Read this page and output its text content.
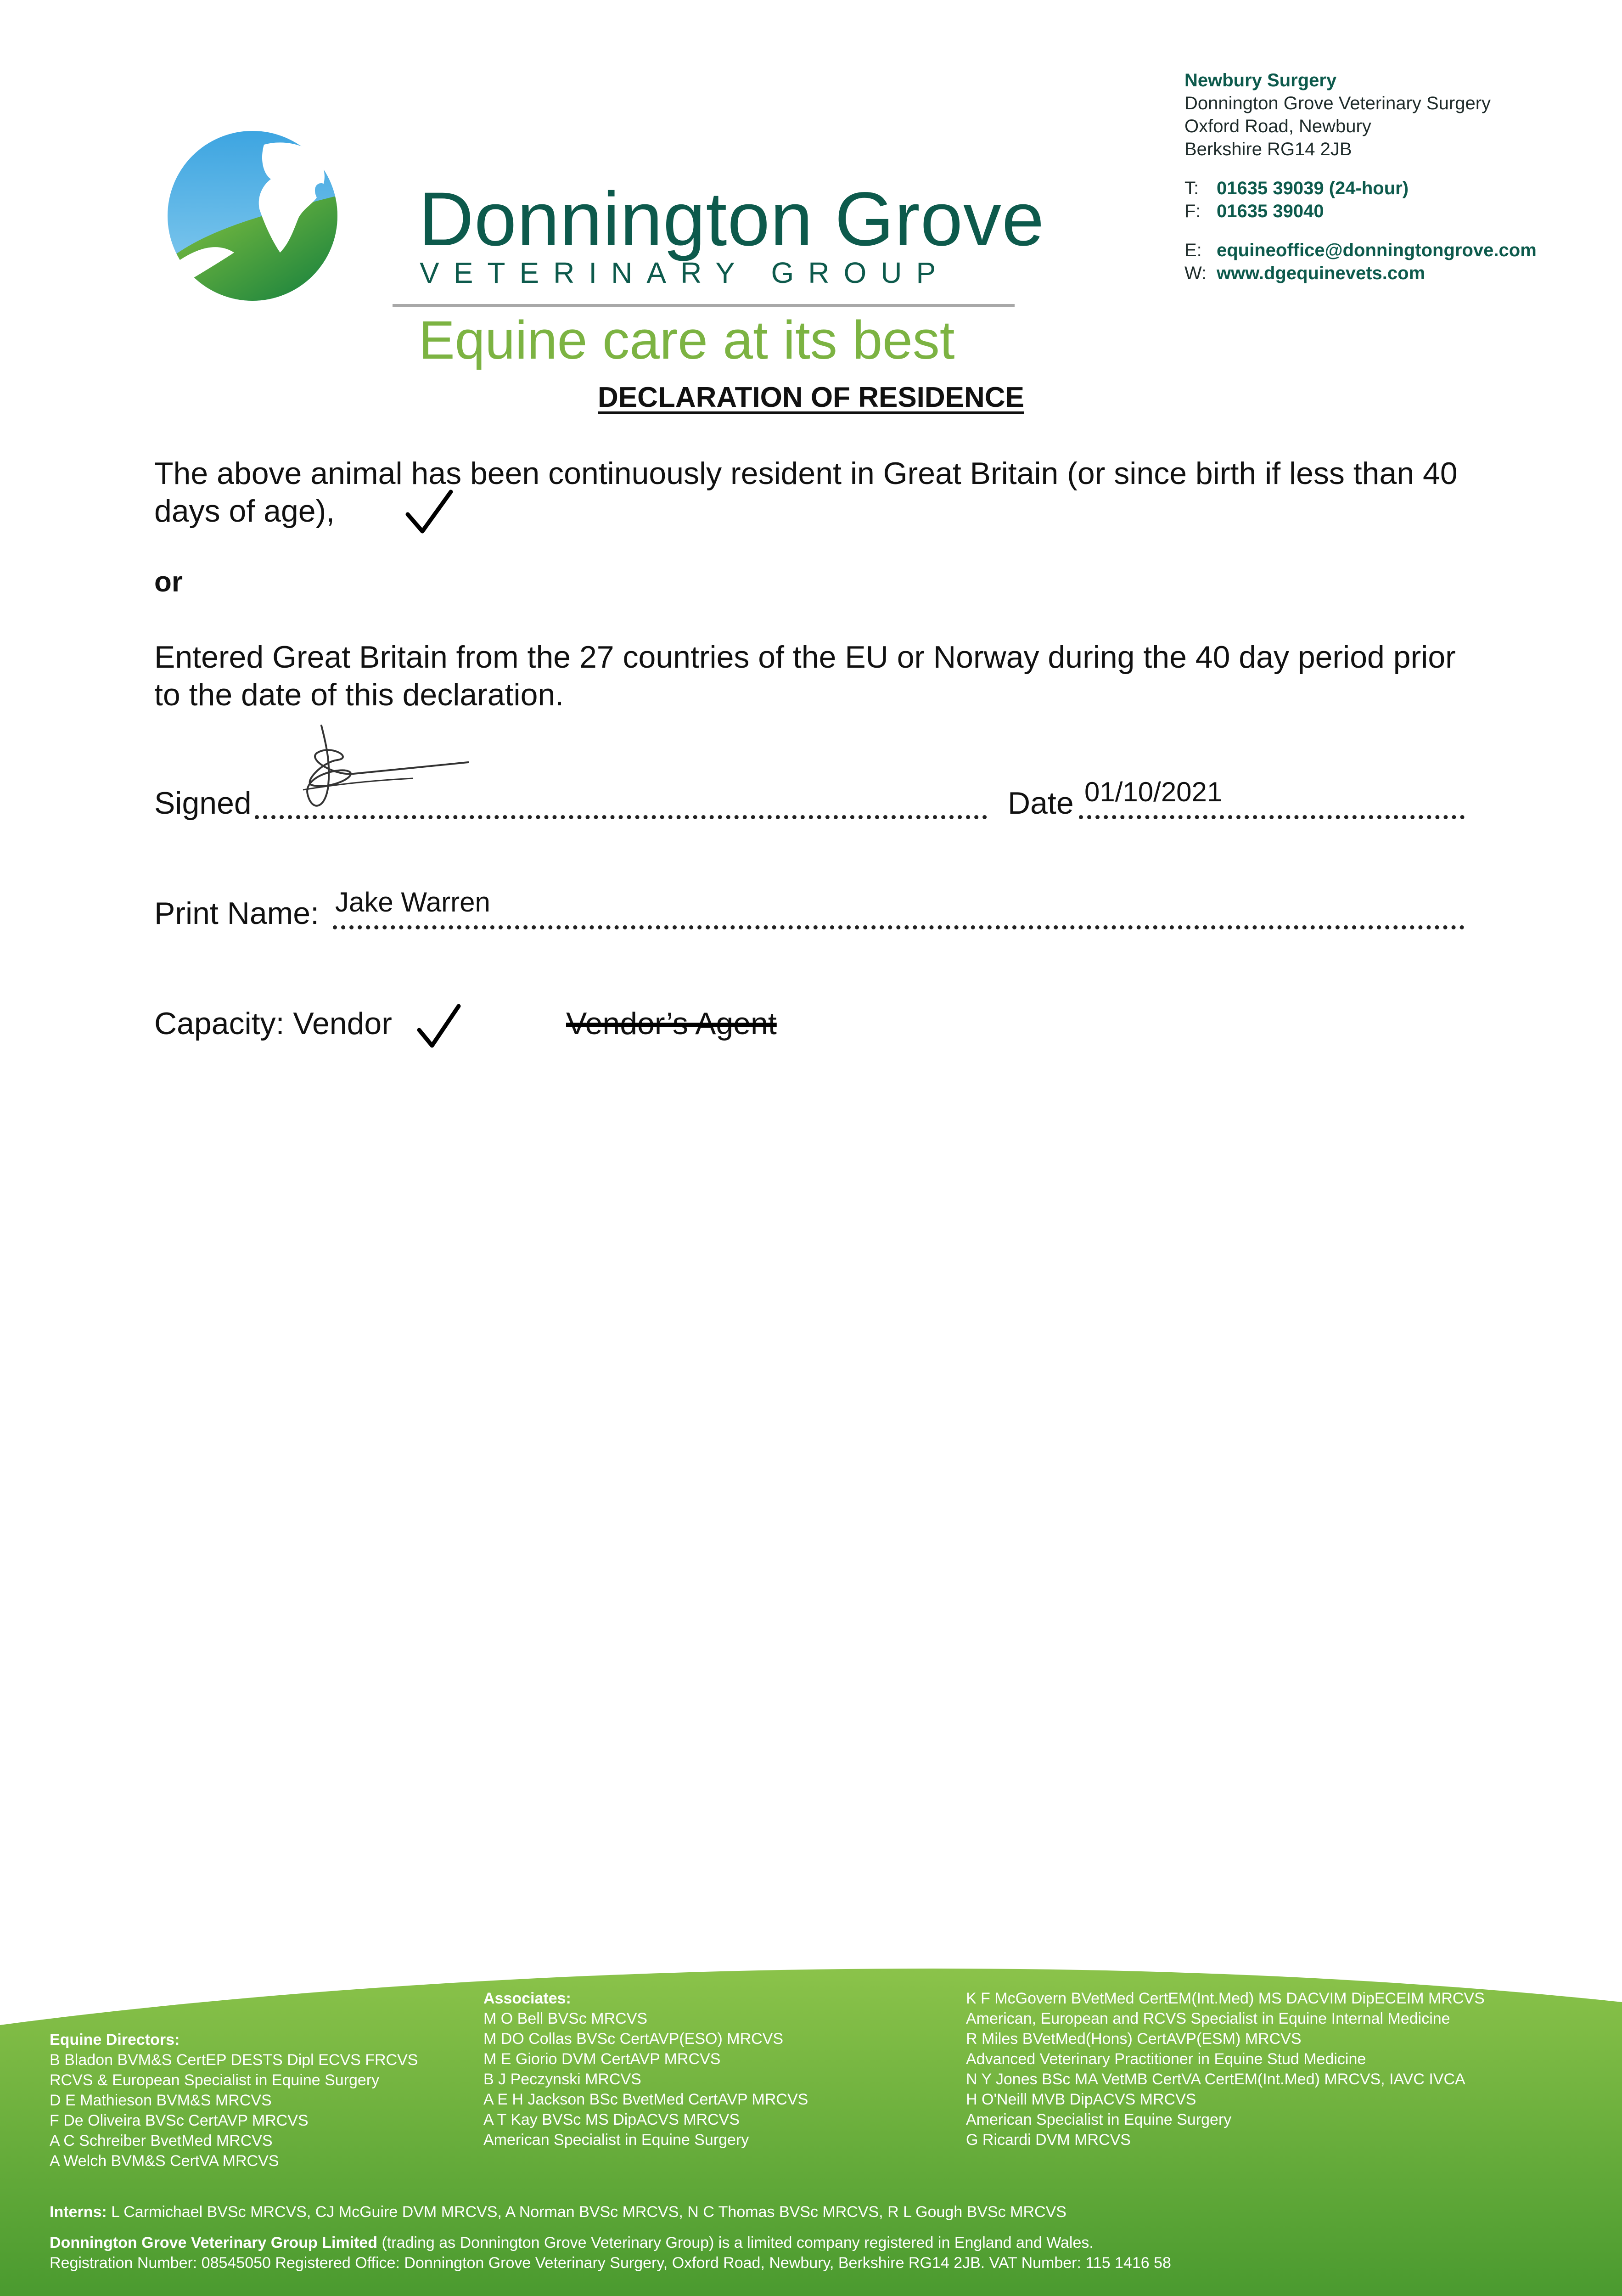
Donnington Grove
VETERINARY GROUP
Equine care at its best
Newbury Surgery
Donnington Grove Veterinary Surgery
Oxford Road, Newbury
Berkshire RG14 2JB
T: 01635 39039 (24-hour)
F: 01635 39040
E: equineoffice@donningtongrove.com
W: www.dgequinevets.com
DECLARATION OF RESIDENCE
The above animal has been continuously resident in Great Britain (or since birth if less than 40 days of age),
or
Entered Great Britain from the 27 countries of the EU or Norway during the 40 day period prior to the date of this declaration.
Signed	Date 01/10/2021
Print Name: Jake Warren
Capacity: Vendor	Vendor’s Agent
Equine Directors:
B Bladon BVM&S CertEP DESTS Dipl ECVS FRCVS
RCVS & European Specialist in Equine Surgery
D E Mathieson BVM&S MRCVS
F De Oliveira BVSc CertAVP MRCVS
A C Schreiber BvetMed MRCVS
A Welch BVM&S CertVA MRCVS
Associates:
M O Bell BVSc MRCVS
M DO Collas BVSc CertAVP(ESO) MRCVS
M E Giorio DVM CertAVP MRCVS
B J Peczynski MRCVS
A E H Jackson BSc BvetMed CertAVP MRCVS
A T Kay BVSc MS DipACVS MRCVS
American Specialist in Equine Surgery
K F McGovern BVetMed CertEM(Int.Med) MS DACVIM DipECEIM MRCVS
American, European and RCVS Specialist in Equine Internal Medicine
R Miles BVetMed(Hons) CertAVP(ESM) MRCVS
Advanced Veterinary Practitioner in Equine Stud Medicine
N Y Jones BSc MA VetMB CertVA CertEM(Int.Med) MRCVS, IAVC IVCA
H O'Neill MVB DipACVS MRCVS
American Specialist in Equine Surgery
G Ricardi DVM MRCVS
Interns: L Carmichael BVSc MRCVS, CJ McGuire DVM MRCVS, A Norman BVSc MRCVS, N C Thomas BVSc MRCVS, R L Gough BVSc MRCVS
Donnington Grove Veterinary Group Limited (trading as Donnington Grove Veterinary Group) is a limited company registered in England and Wales.
Registration Number: 08545050 Registered Office: Donnington Grove Veterinary Surgery, Oxford Road, Newbury, Berkshire RG14 2JB. VAT Number: 115 1416 58
